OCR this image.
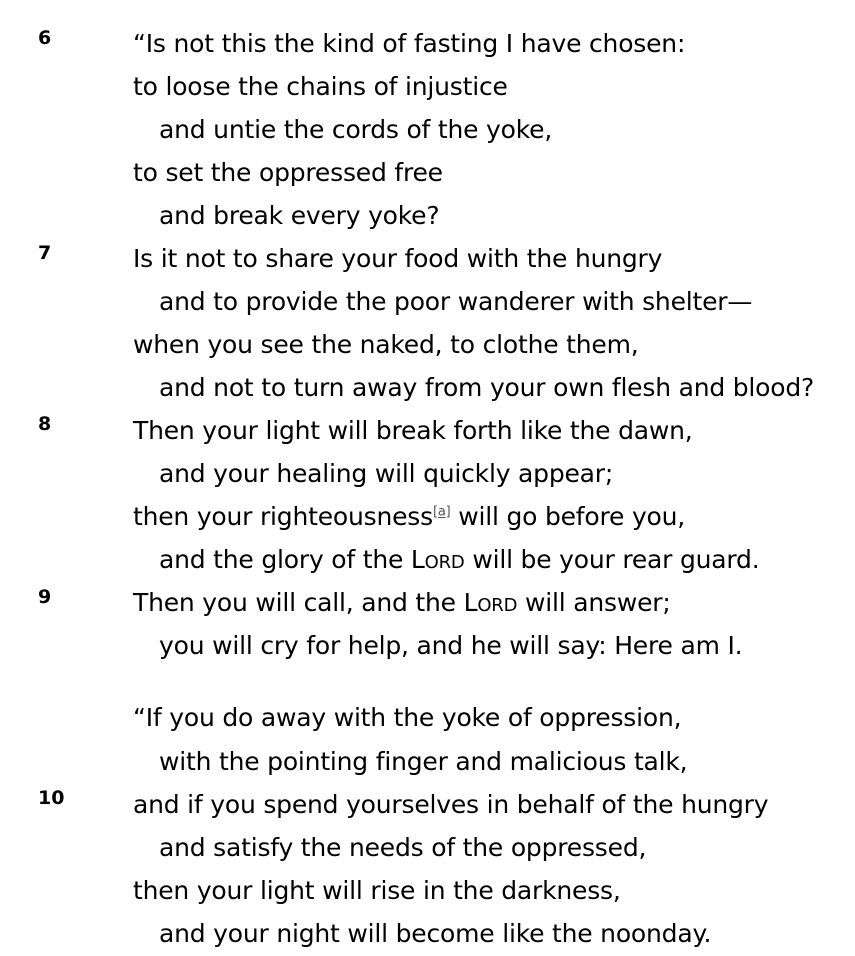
6	“Is not this the kind of fasting I have chosen:
to loose the chains of injustice
and untie the cords of the yoke,
to set the oppressed free
and break every yoke?
7	Is it not to share your food with the hungry
and to provide the poor wanderer with shelter—
when you see the naked, to clothe them,
and not to turn away from your own flesh and blood?
8	Then your light will break forth like the dawn,
and your healing will quickly appear;
then your righteousness[a] will go before you,
and the glory of the Lord will be your rear guard.
9	Then you will call, and the Lord will answer;
you will cry for help, and he will say: Here am I.
“If you do away with the yoke of oppression,
with the pointing finger and malicious talk,
10	and if you spend yourselves in behalf of the hungry
and satisfy the needs of the oppressed,
then your light will rise in the darkness,
and your night will become like the noonday.
